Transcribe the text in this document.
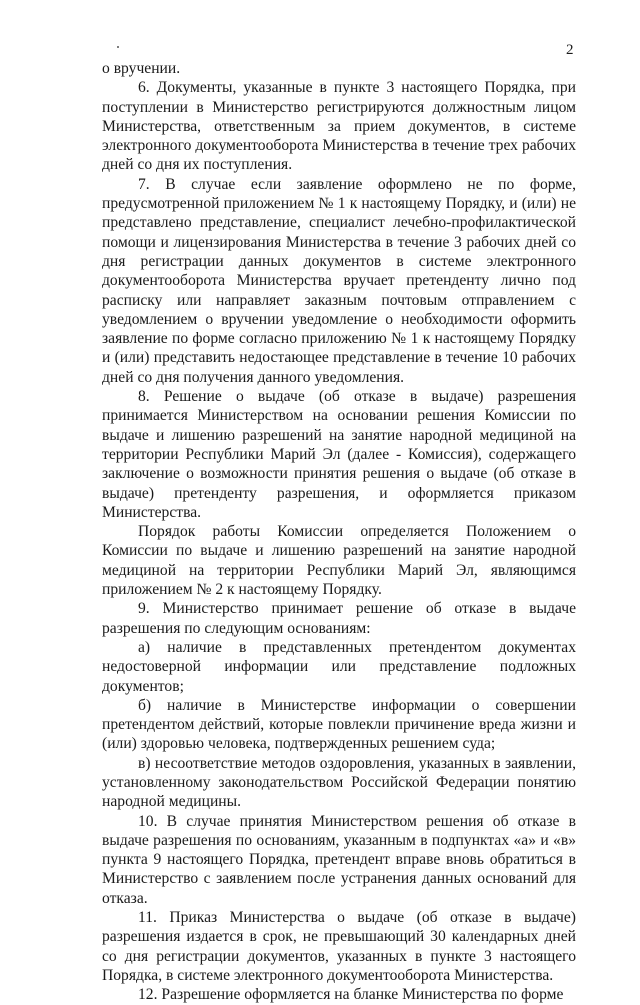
2

о вручении.

6. Документы, указанные в пункте 3 настоящего Порядка, при поступлении в Министерство регистрируются должностным лицом Министерства, ответственным за прием документов, в системе электронного документооборота Министерства в течение трех рабочих дней со дня их поступления.

7. В случае если заявление оформлено не по форме, предусмотренной приложением № 1 к настоящему Порядку, и (или) не представлено представление, специалист лечебно-профилактической помощи и лицензирования Министерства в течение 3 рабочих дней со дня регистрации данных документов в системе электронного документооборота Министерства вручает претенденту лично под расписку или направляет заказным почтовым отправлением с уведомлением о вручении уведомление о необходимости оформить заявление по форме согласно приложению № 1 к настоящему Порядку и (или) представить недостающее представление в течение 10 рабочих дней со дня получения данного уведомления.

8. Решение о выдаче (об отказе в выдаче) разрешения принимается Министерством на основании решения Комиссии по выдаче и лишению разрешений на занятие народной медициной на территории Республики Марий Эл (далее - Комиссия), содержащего заключение о возможности принятия решения о выдаче (об отказе в выдаче) претенденту разрешения, и оформляется приказом Министерства.

Порядок работы Комиссии определяется Положением о Комиссии по выдаче и лишению разрешений на занятие народной медициной на территории Республики Марий Эл, являющимся приложением № 2 к настоящему Порядку.

9. Министерство принимает решение об отказе в выдаче разрешения по следующим основаниям:

а) наличие в представленных претендентом документах недостоверной информации или представление подложных документов;

б) наличие в Министерстве информации о совершении претендентом действий, которые повлекли причинение вреда жизни и (или) здоровью человека, подтвержденных решением суда;

в) несоответствие методов оздоровления, указанных в заявлении, установленному законодательством Российской Федерации понятию народной медицины.

10. В случае принятия Министерством решения об отказе в выдаче разрешения по основаниям, указанным в подпунктах «а» и «в» пункта 9 настоящего Порядка, претендент вправе вновь обратиться в Министерство с заявлением после устранения данных оснований для отказа.

11. Приказ Министерства о выдаче (об отказе в выдаче) разрешения издается в срок, не превышающий 30 календарных дней со дня регистрации документов, указанных в пункте 3 настоящего Порядка, в системе электронного документооборота Министерства.

12. Разрешение оформляется на бланке Министерства по форме
